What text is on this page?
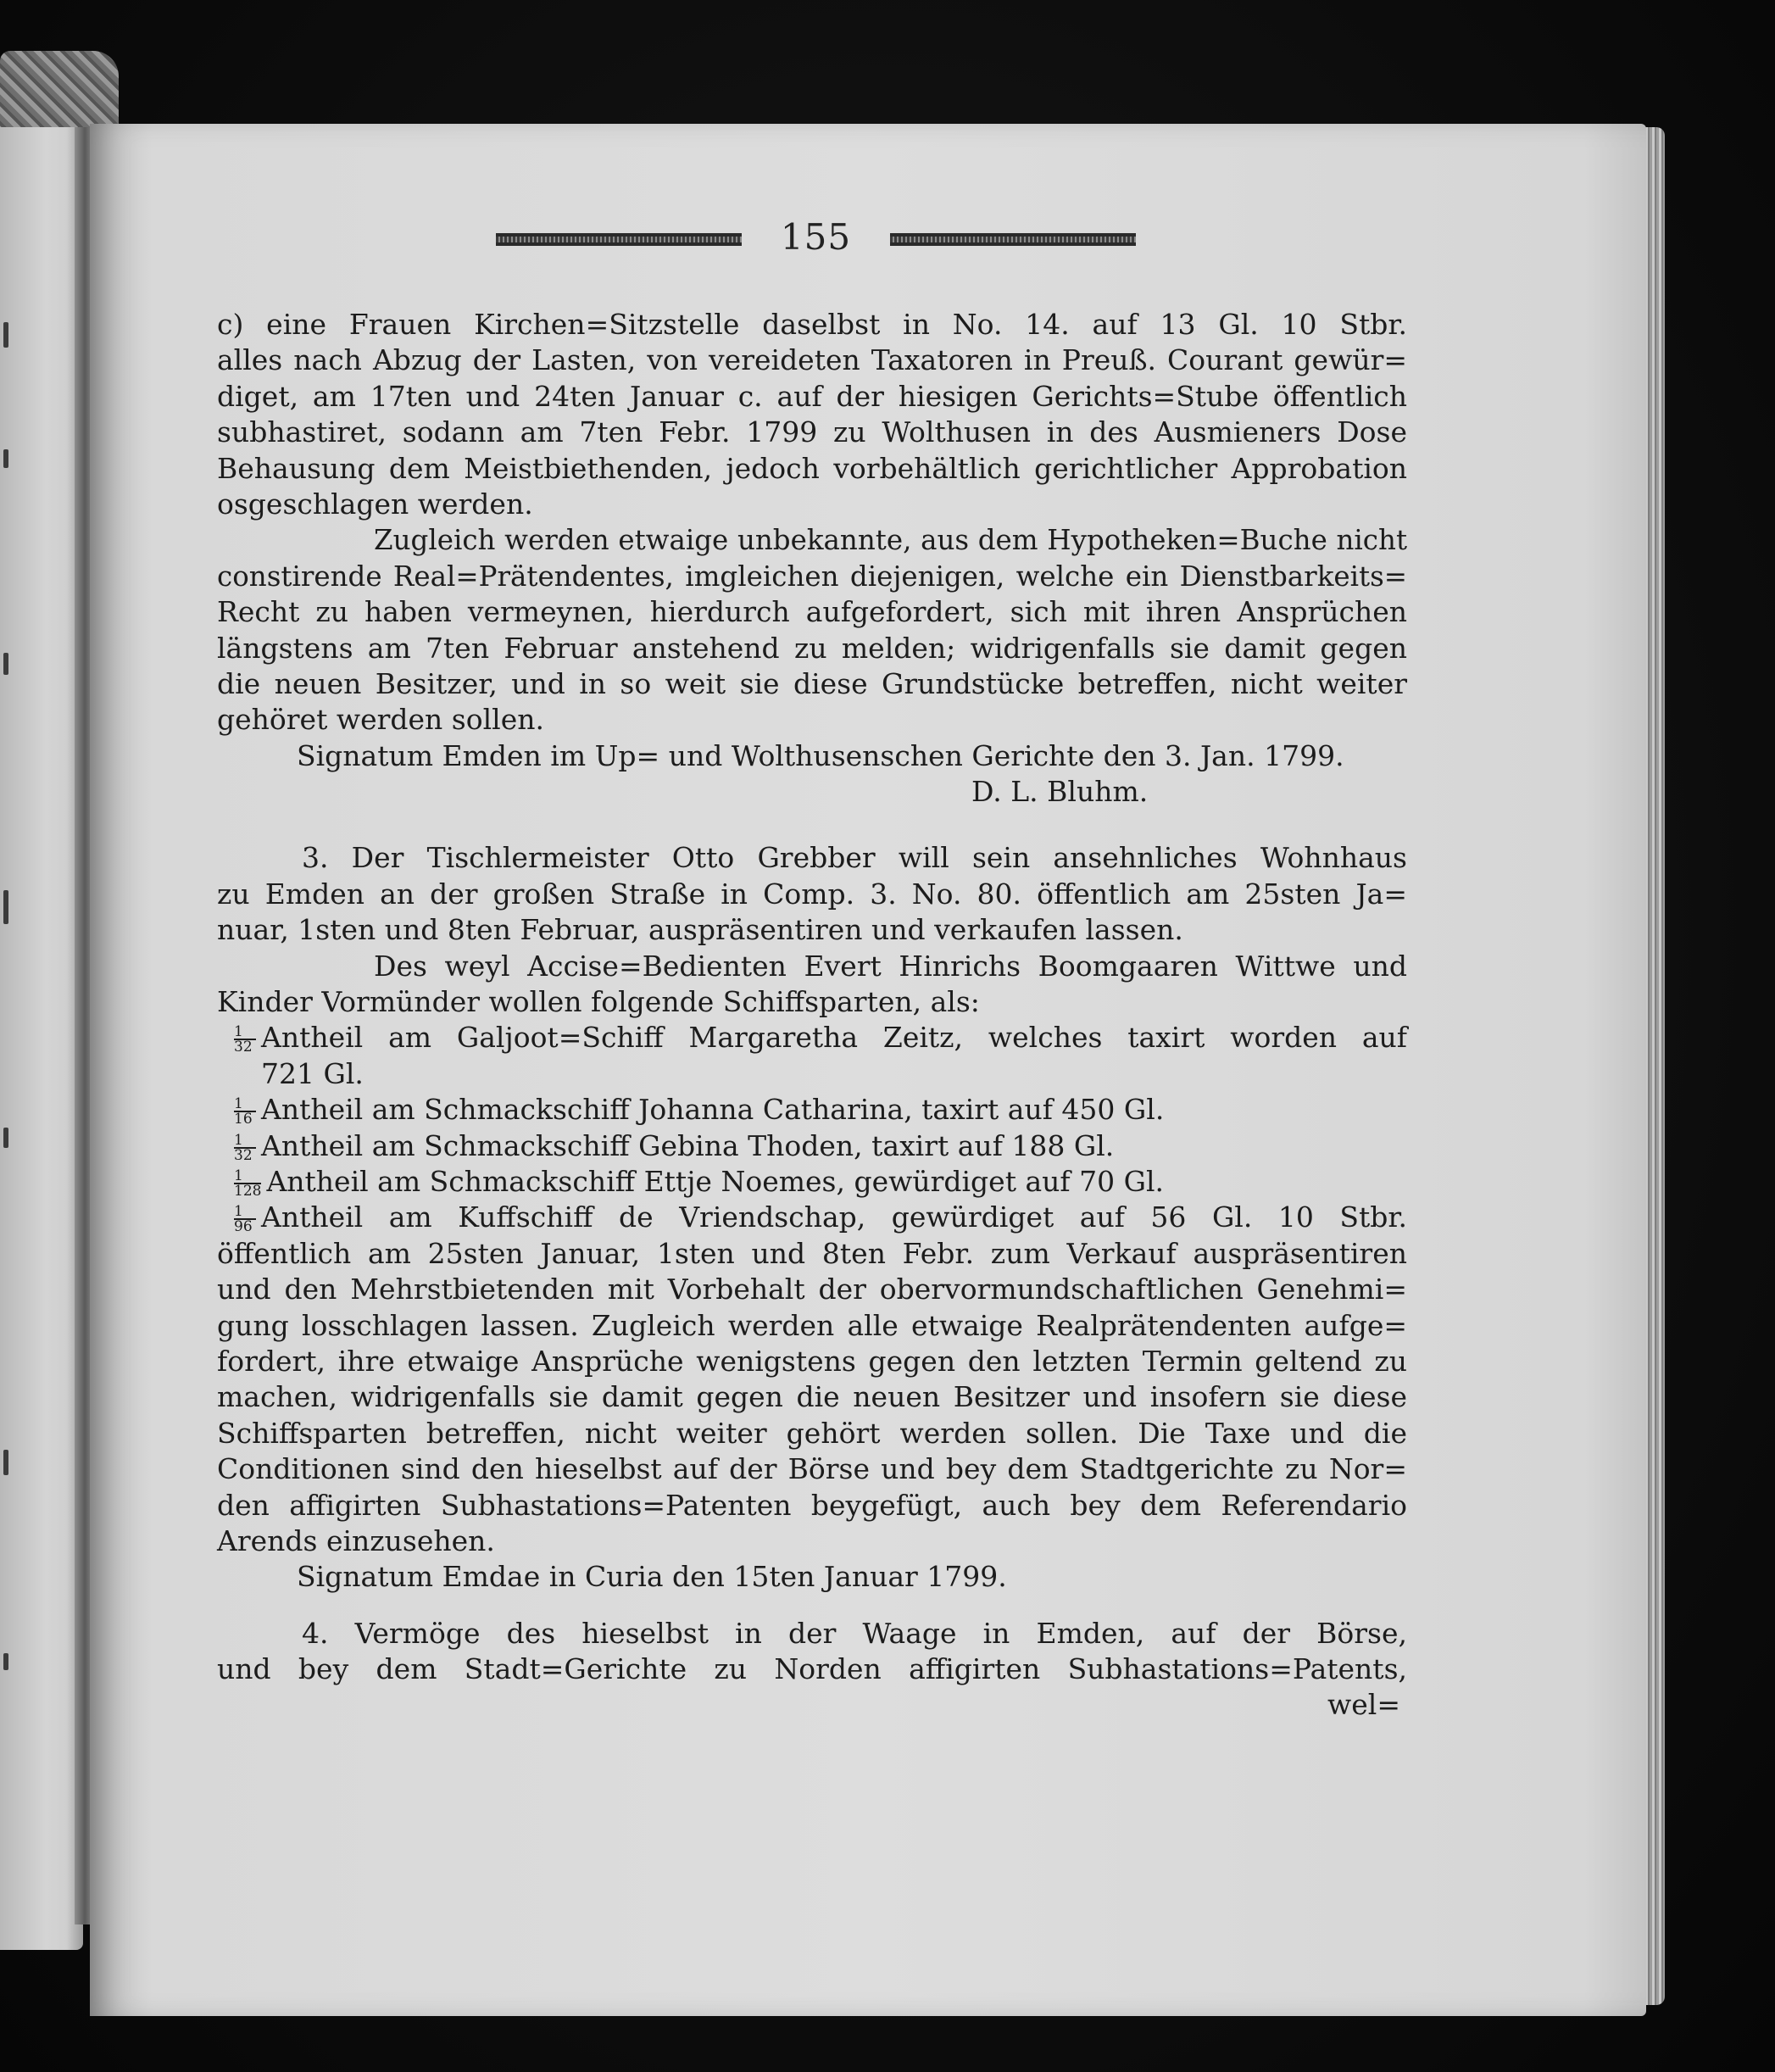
155
c) eine Frauen Kirchen=Sitzstelle daselbst in No. 14. auf 13 Gl. 10 Stbr.
alles nach Abzug der Lasten, von vereideten Taxatoren in Preuß. Courant gewür=
diget, am 17ten und 24ten Januar c. auf der hiesigen Gerichts=Stube öffentlich
subhastiret, sodann am 7ten Febr. 1799 zu Wolthusen in des Ausmieners Dose
Behausung dem Meistbiethenden, jedoch vorbehältlich gerichtlicher Approbation
osgeschlagen werden.
Zugleich werden etwaige unbekannte, aus dem Hypotheken=Buche nicht
constirende Real=Prätendentes, imgleichen diejenigen, welche ein Dienstbarkeits=
Recht zu haben vermeynen, hierdurch aufgefordert, sich mit ihren Ansprüchen
längstens am 7ten Februar anstehend zu melden; widrigenfalls sie damit gegen
die neuen Besitzer, und in so weit sie diese Grundstücke betreffen, nicht weiter
gehöret werden sollen.
Signatum Emden im Up= und Wolthusenschen Gerichte den 3. Jan. 1799.
D. L. Bluhm.
3. Der Tischlermeister Otto Grebber will sein ansehnliches Wohnhaus
zu Emden an der großen Straße in Comp. 3. No. 80. öffentlich am 25sten Ja=
nuar, 1sten und 8ten Februar, auspräsentiren und verkaufen lassen.
Des weyl Accise=Bedienten Evert Hinrichs Boomgaaren Wittwe und
Kinder Vormünder wollen folgende Schiffsparten, als:
$\frac{1}{32}$ Antheil am Galjoot=Schiff Margaretha Zeitz, welches taxirt worden auf
721 Gl.
$\frac{1}{16}$ Antheil am Schmackschiff Johanna Catharina, taxirt auf 450 Gl.
$\frac{1}{32}$ Antheil am Schmackschiff Gebina Thoden, taxirt auf 188 Gl.
$\frac{1}{128}$ Antheil am Schmackschiff Ettje Noemes, gewürdiget auf 70 Gl.
$\frac{1}{96}$ Antheil am Kuffschiff de Vriendschap, gewürdiget auf 56 Gl. 10 Stbr.
öffentlich am 25sten Januar, 1sten und 8ten Febr. zum Verkauf auspräsentiren
und den Mehrstbietenden mit Vorbehalt der obervormundschaftlichen Genehmi=
gung losschlagen lassen. Zugleich werden alle etwaige Realprätendenten aufge=
fordert, ihre etwaige Ansprüche wenigstens gegen den letzten Termin geltend zu
machen, widrigenfalls sie damit gegen die neuen Besitzer und insofern sie diese
Schiffsparten betreffen, nicht weiter gehört werden sollen. Die Taxe und die
Conditionen sind den hieselbst auf der Börse und bey dem Stadtgerichte zu Nor=
den affigirten Subhastations=Patenten beygefügt, auch bey dem Referendario
Arends einzusehen.
Signatum Emdae in Curia den 15ten Januar 1799.
4. Vermöge des hieselbst in der Waage in Emden, auf der Börse,
und bey dem Stadt=Gerichte zu Norden affigirten Subhastations=Patents,
wel=
